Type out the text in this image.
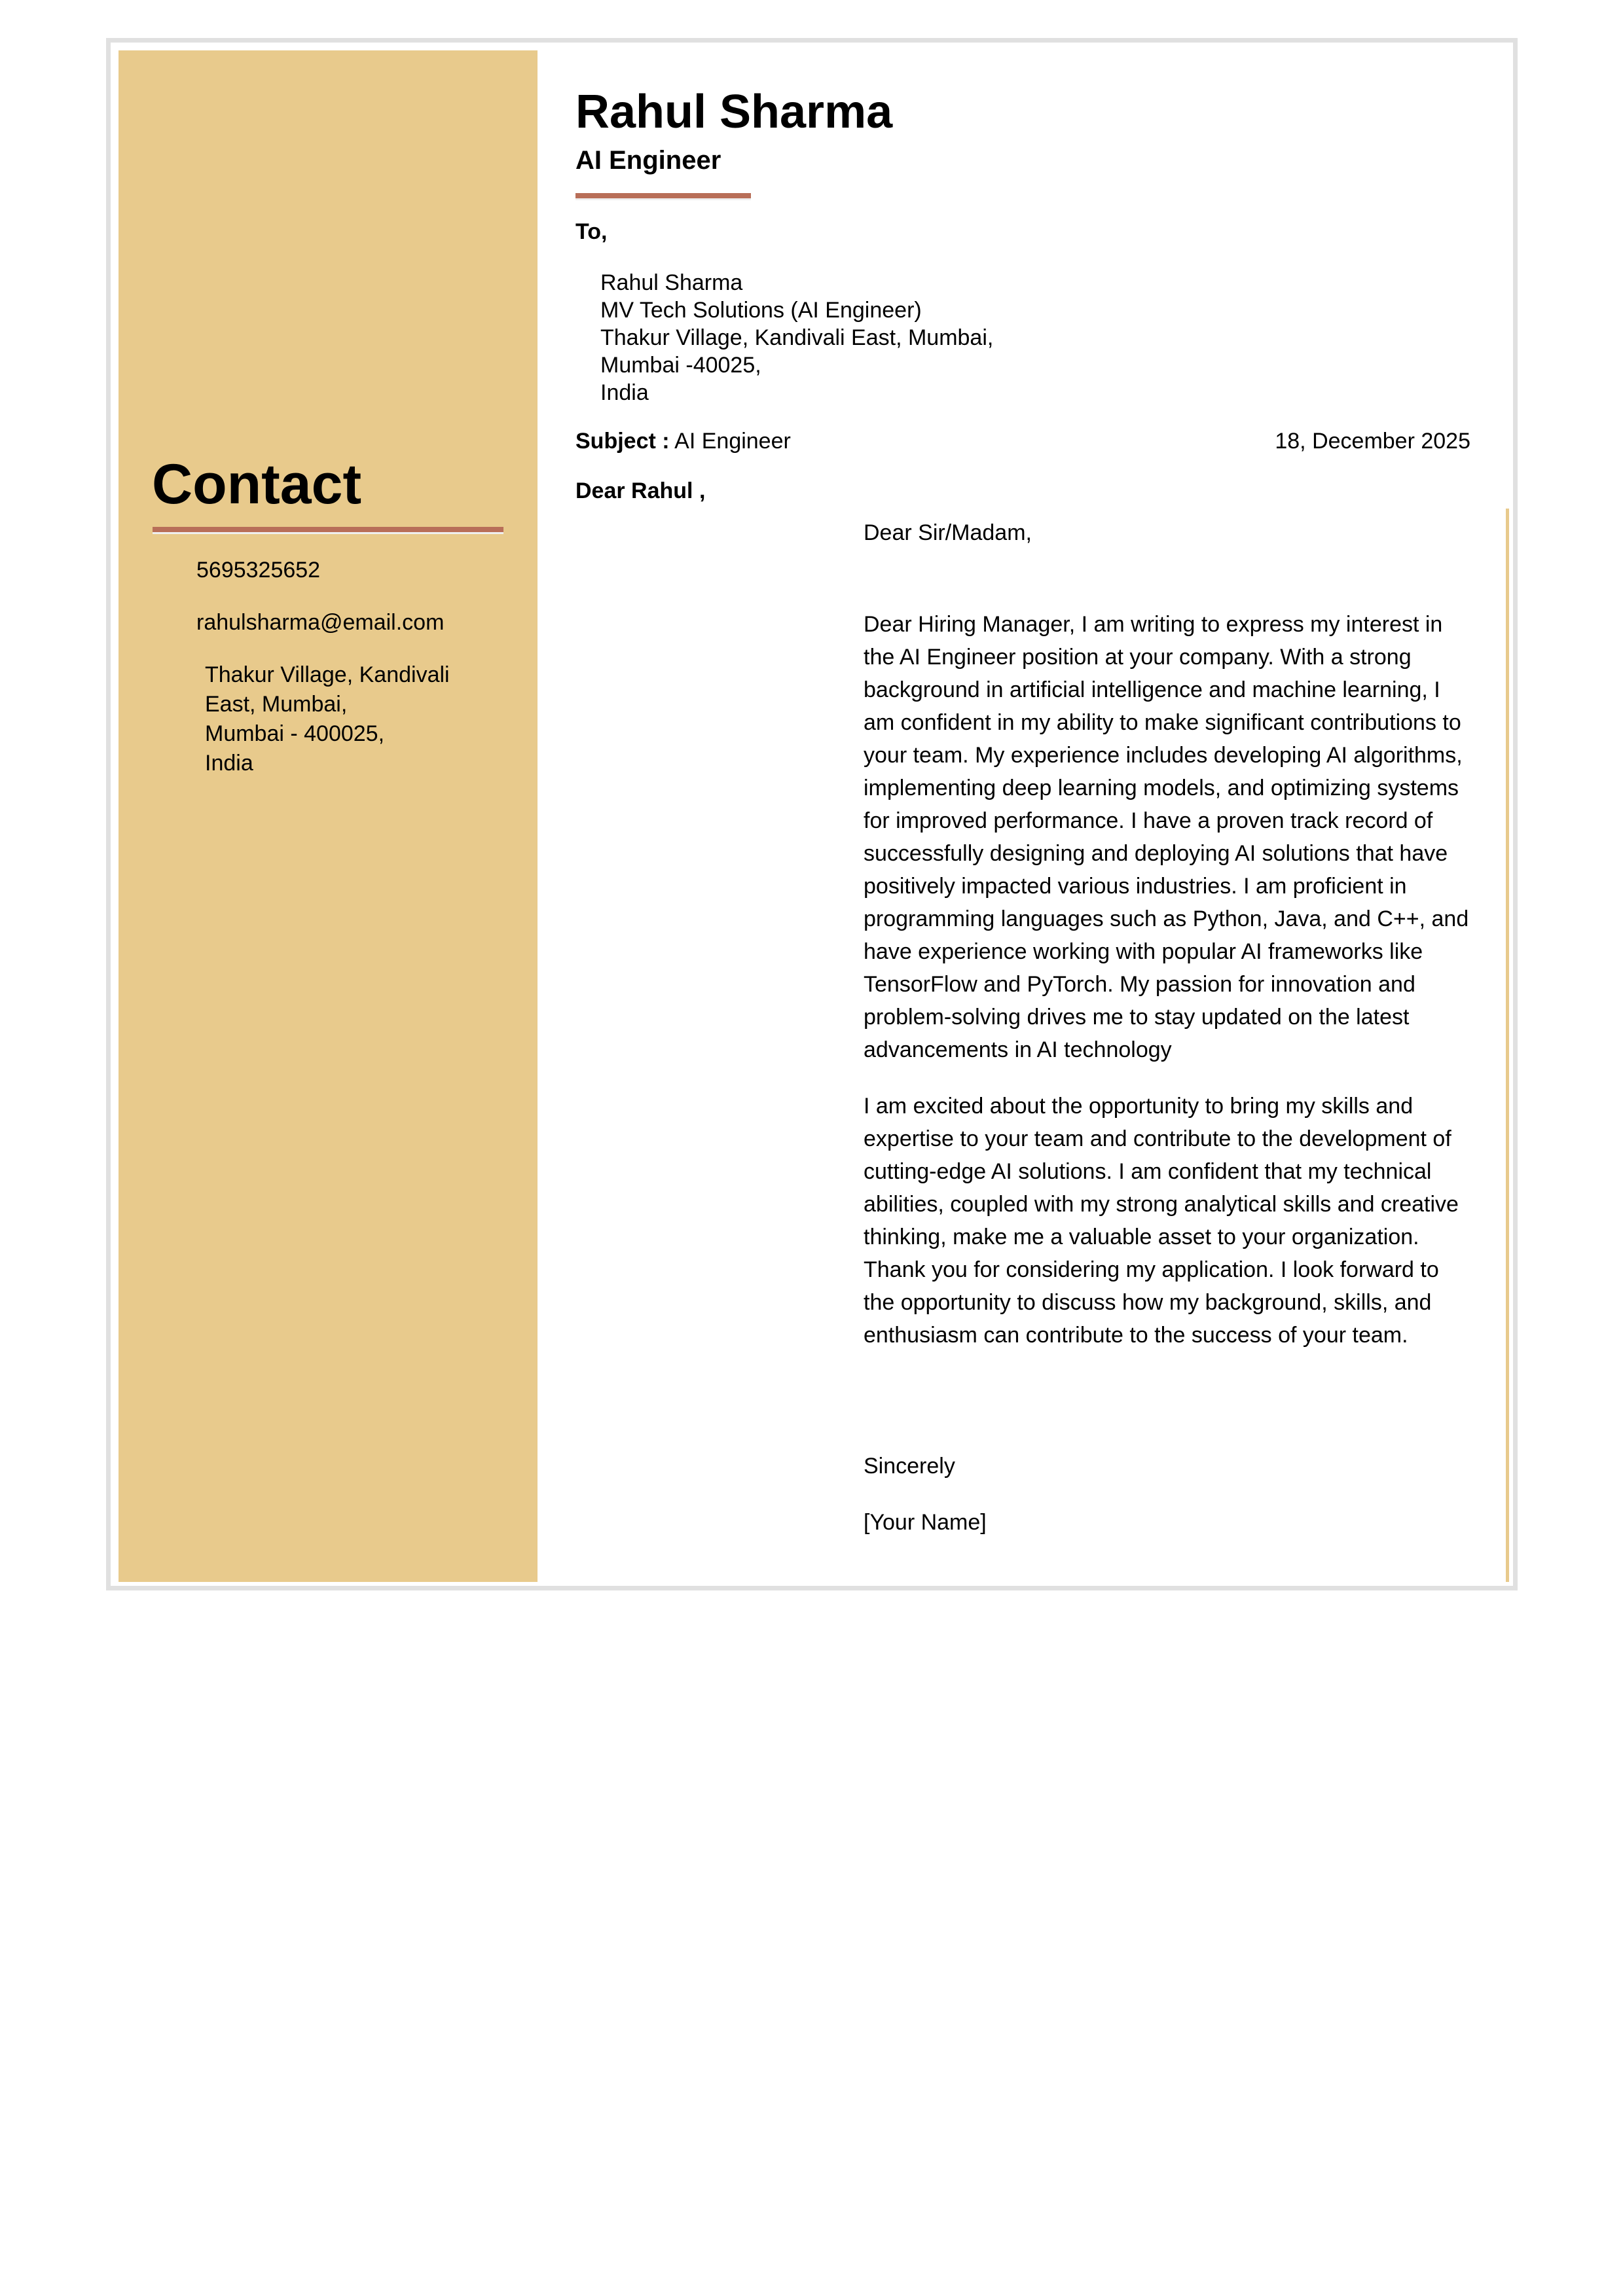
Contact
5695325652
rahulsharma@email.com
Thakur Village, Kandivali
East, Mumbai,
Mumbai - 400025,
India
Rahul Sharma
AI Engineer
To,
Rahul Sharma
MV Tech Solutions (AI Engineer)
Thakur Village, Kandivali East, Mumbai,
Mumbai -40025,
India
Subject : AI Engineer	18, December 2025
Dear Rahul ,

Dear Sir/Madam,

Dear Hiring Manager, I am writing to express my interest in the AI Engineer position at your company. With a strong background in artificial intelligence and machine learning, I am confident in my ability to make significant contributions to your team. My experience includes developing AI algorithms, implementing deep learning models, and optimizing systems for improved performance. I have a proven track record of successfully designing and deploying AI solutions that have positively impacted various industries. I am proficient in programming languages such as Python, Java, and C++, and have experience working with popular AI frameworks like TensorFlow and PyTorch. My passion for innovation and problem-solving drives me to stay updated on the latest advancements in AI technology

I am excited about the opportunity to bring my skills and expertise to your team and contribute to the development of cutting-edge AI solutions. I am confident that my technical abilities, coupled with my strong analytical skills and creative thinking, make me a valuable asset to your organization. Thank you for considering my application. I look forward to the opportunity to discuss how my background, skills, and enthusiasm can contribute to the success of your team.

Sincerely

[Your Name]
